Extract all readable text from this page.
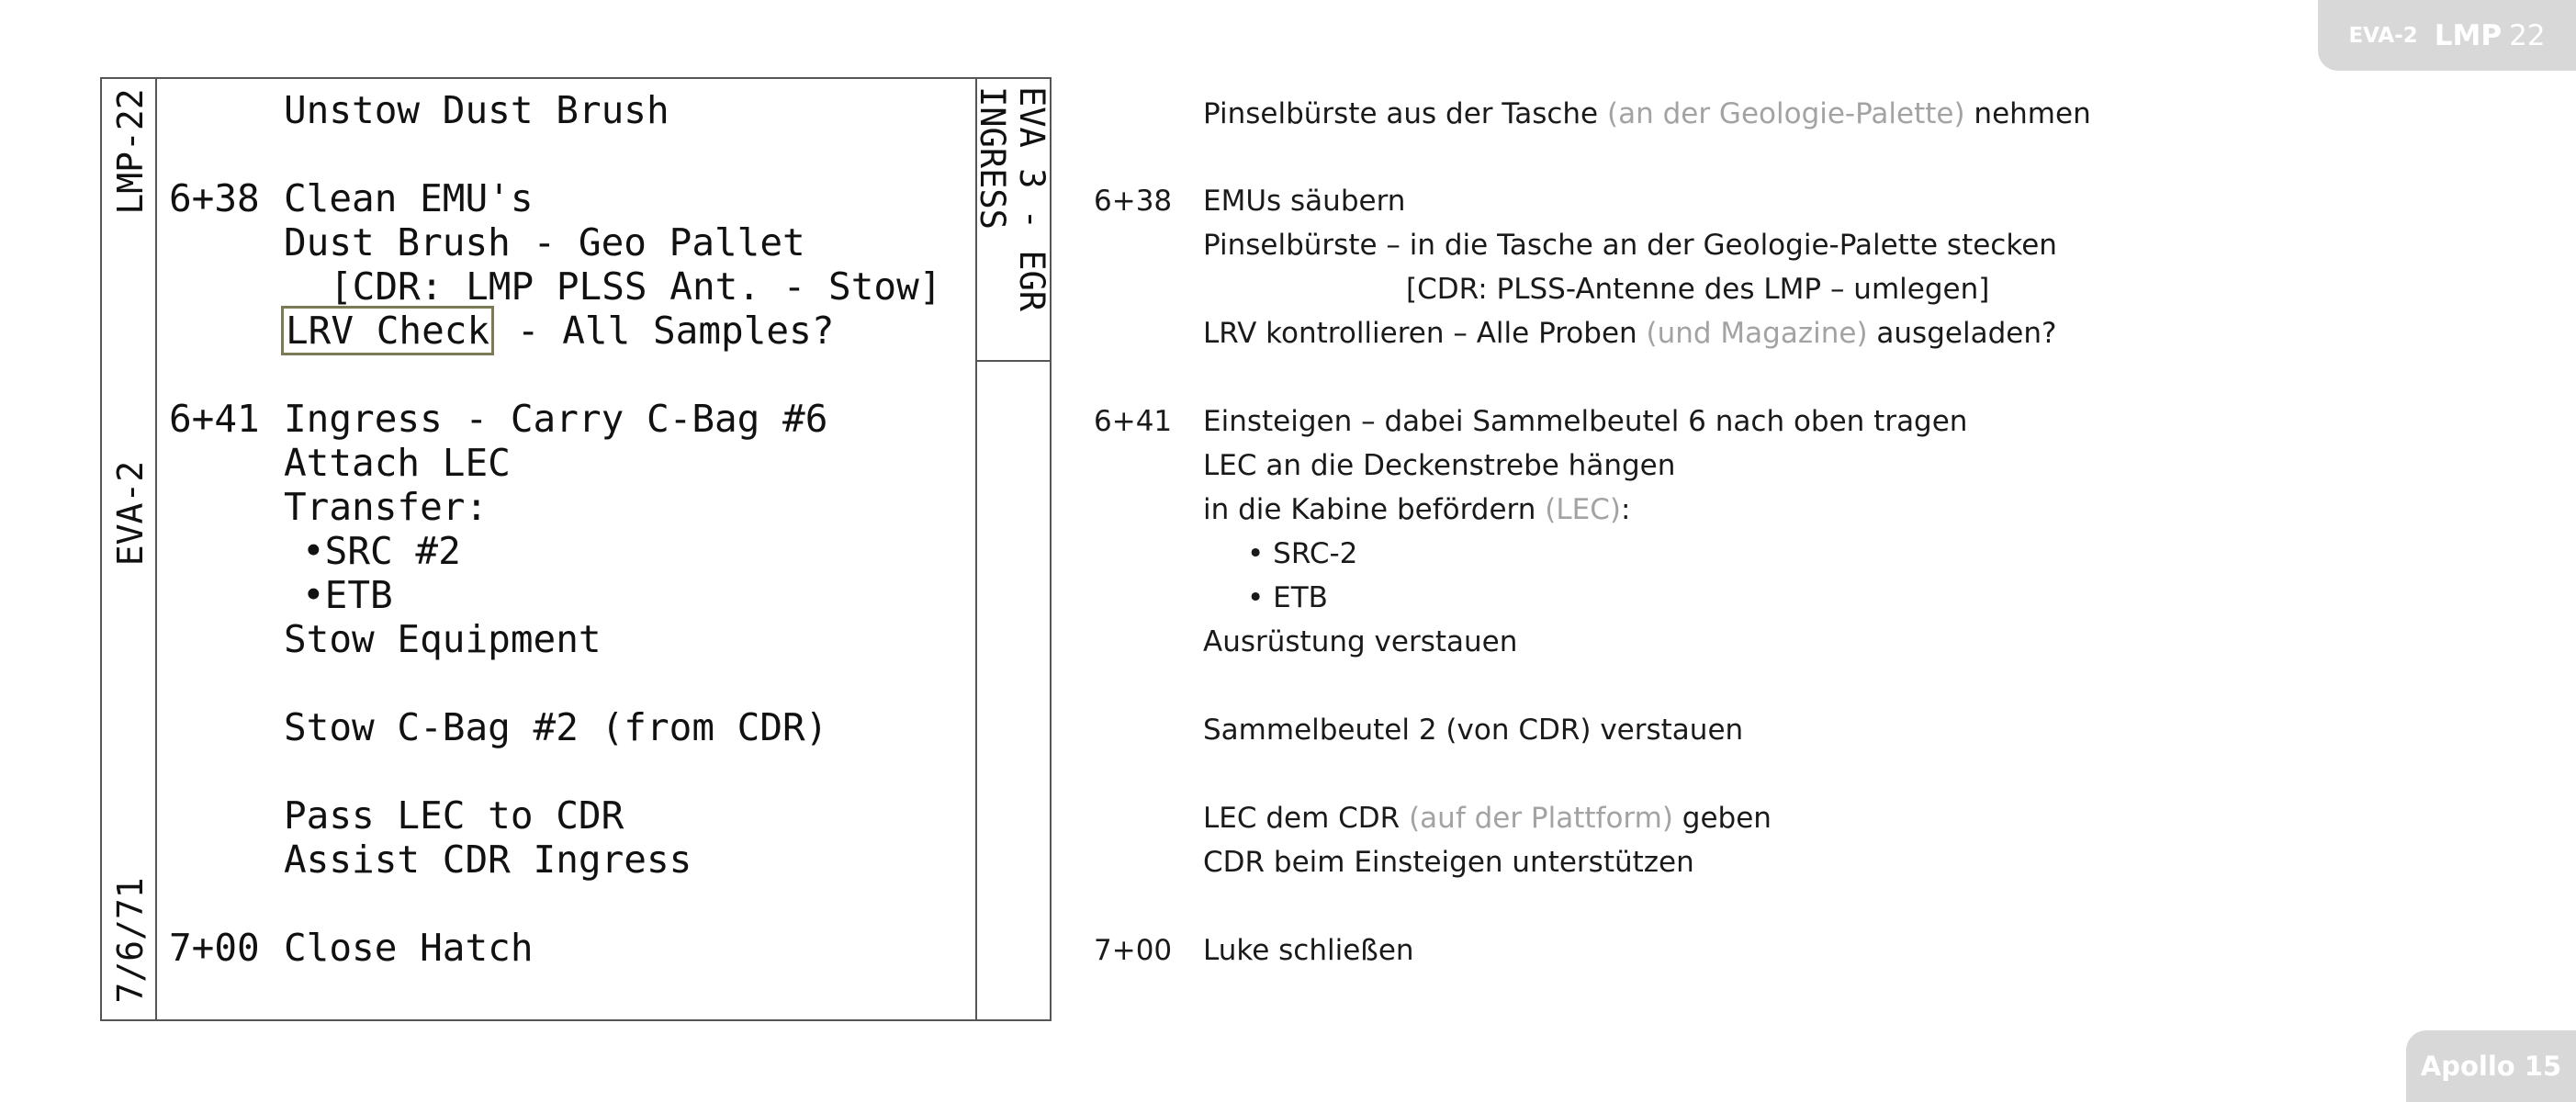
EVA-2 LMP 22
Apollo 15
LMP-22
EVA-2
7/6/71
EVA 3 - EGR
INGRESS
Unstow Dust Brush
6+38 Clean EMU's
Dust Brush - Geo Pallet
[CDR: LMP PLSS Ant. - Stow]
LRV Check - All Samples?
6+41 Ingress - Carry C-Bag #6
Attach LEC
Transfer:
•SRC #2
•ETB
Stow Equipment
Stow C-Bag #2 (from CDR)
Pass LEC to CDR
Assist CDR Ingress
7+00 Close Hatch
Pinselbürste aus der Tasche (an der Geologie-Palette) nehmen
6+38 EMUs säubern
Pinselbürste – in die Tasche an der Geologie-Palette stecken
[CDR: PLSS-Antenne des LMP – umlegen]
LRV kontrollieren – Alle Proben (und Magazine) ausgeladen?
6+41 Einsteigen – dabei Sammelbeutel 6 nach oben tragen
LEC an die Deckenstrebe hängen
in die Kabine befördern (LEC):
• SRC-2
• ETB
Ausrüstung verstauen
Sammelbeutel 2 (von CDR) verstauen
LEC dem CDR (auf der Plattform) geben
CDR beim Einsteigen unterstützen
7+00 Luke schließen
